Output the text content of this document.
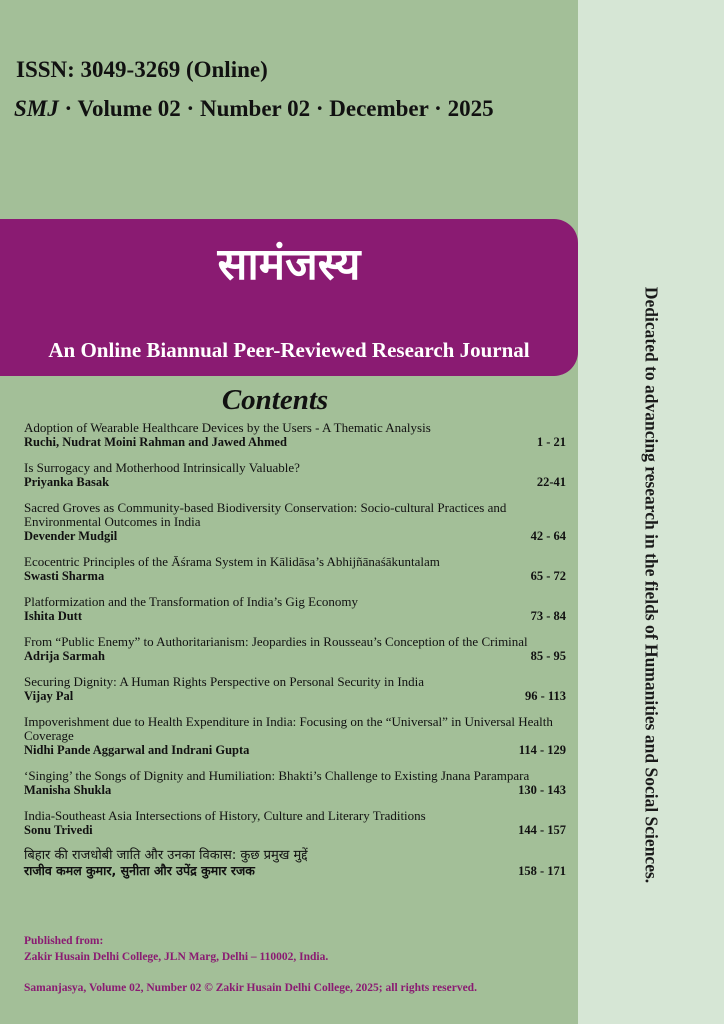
Dedicated to advancing research in the fields of Humanities and Social Sciences.
ISSN: 3049-3269 (Online)
SMJ · Volume 02 · Number 02 · December · 2025
सामंजस्य
An Online Biannual Peer-Reviewed Research Journal
Contents
Adoption of Wearable Healthcare Devices by the Users - A Thematic Analysis
Ruchi, Nudrat Moini Rahman and Jawed Ahmed	1 - 21
Is Surrogacy and Motherhood Intrinsically Valuable?
Priyanka Basak	22-41
Sacred Groves as Community-based Biodiversity Conservation: Socio-cultural Practices and Environmental Outcomes in India
Devender Mudgil	42 - 64
Ecocentric Principles of the Āśrama System in Kālidāsa’s Abhijñānaśākuntalam
Swasti Sharma	65 - 72
Platformization and the Transformation of India’s Gig Economy
Ishita Dutt	73 - 84
From “Public Enemy” to Authoritarianism: Jeopardies in Rousseau’s Conception of the Criminal
Adrija Sarmah	85 - 95
Securing Dignity: A Human Rights Perspective on Personal Security in India
Vijay Pal	96 - 113
Impoverishment due to Health Expenditure in India: Focusing on the “Universal” in Universal Health Coverage
Nidhi Pande Aggarwal and Indrani Gupta	114 - 129
‘Singing’ the Songs of Dignity and Humiliation: Bhakti’s Challenge to Existing Jnana Parampara
Manisha Shukla	130 - 143
India-Southeast Asia Intersections of History, Culture and Literary Traditions
Sonu Trivedi	144 - 157
बिहार की राजधोबी जाति और उनका विकास: कुछ प्रमुख मुद्दें
राजीव कमल कुमार, सुनीता और उपेंद्र कुमार रजक	158 - 171
Published from:
Zakir Husain Delhi College, JLN Marg, Delhi – 110002, India.
Samanjasya, Volume 02, Number 02 © Zakir Husain Delhi College, 2025; all rights reserved.
